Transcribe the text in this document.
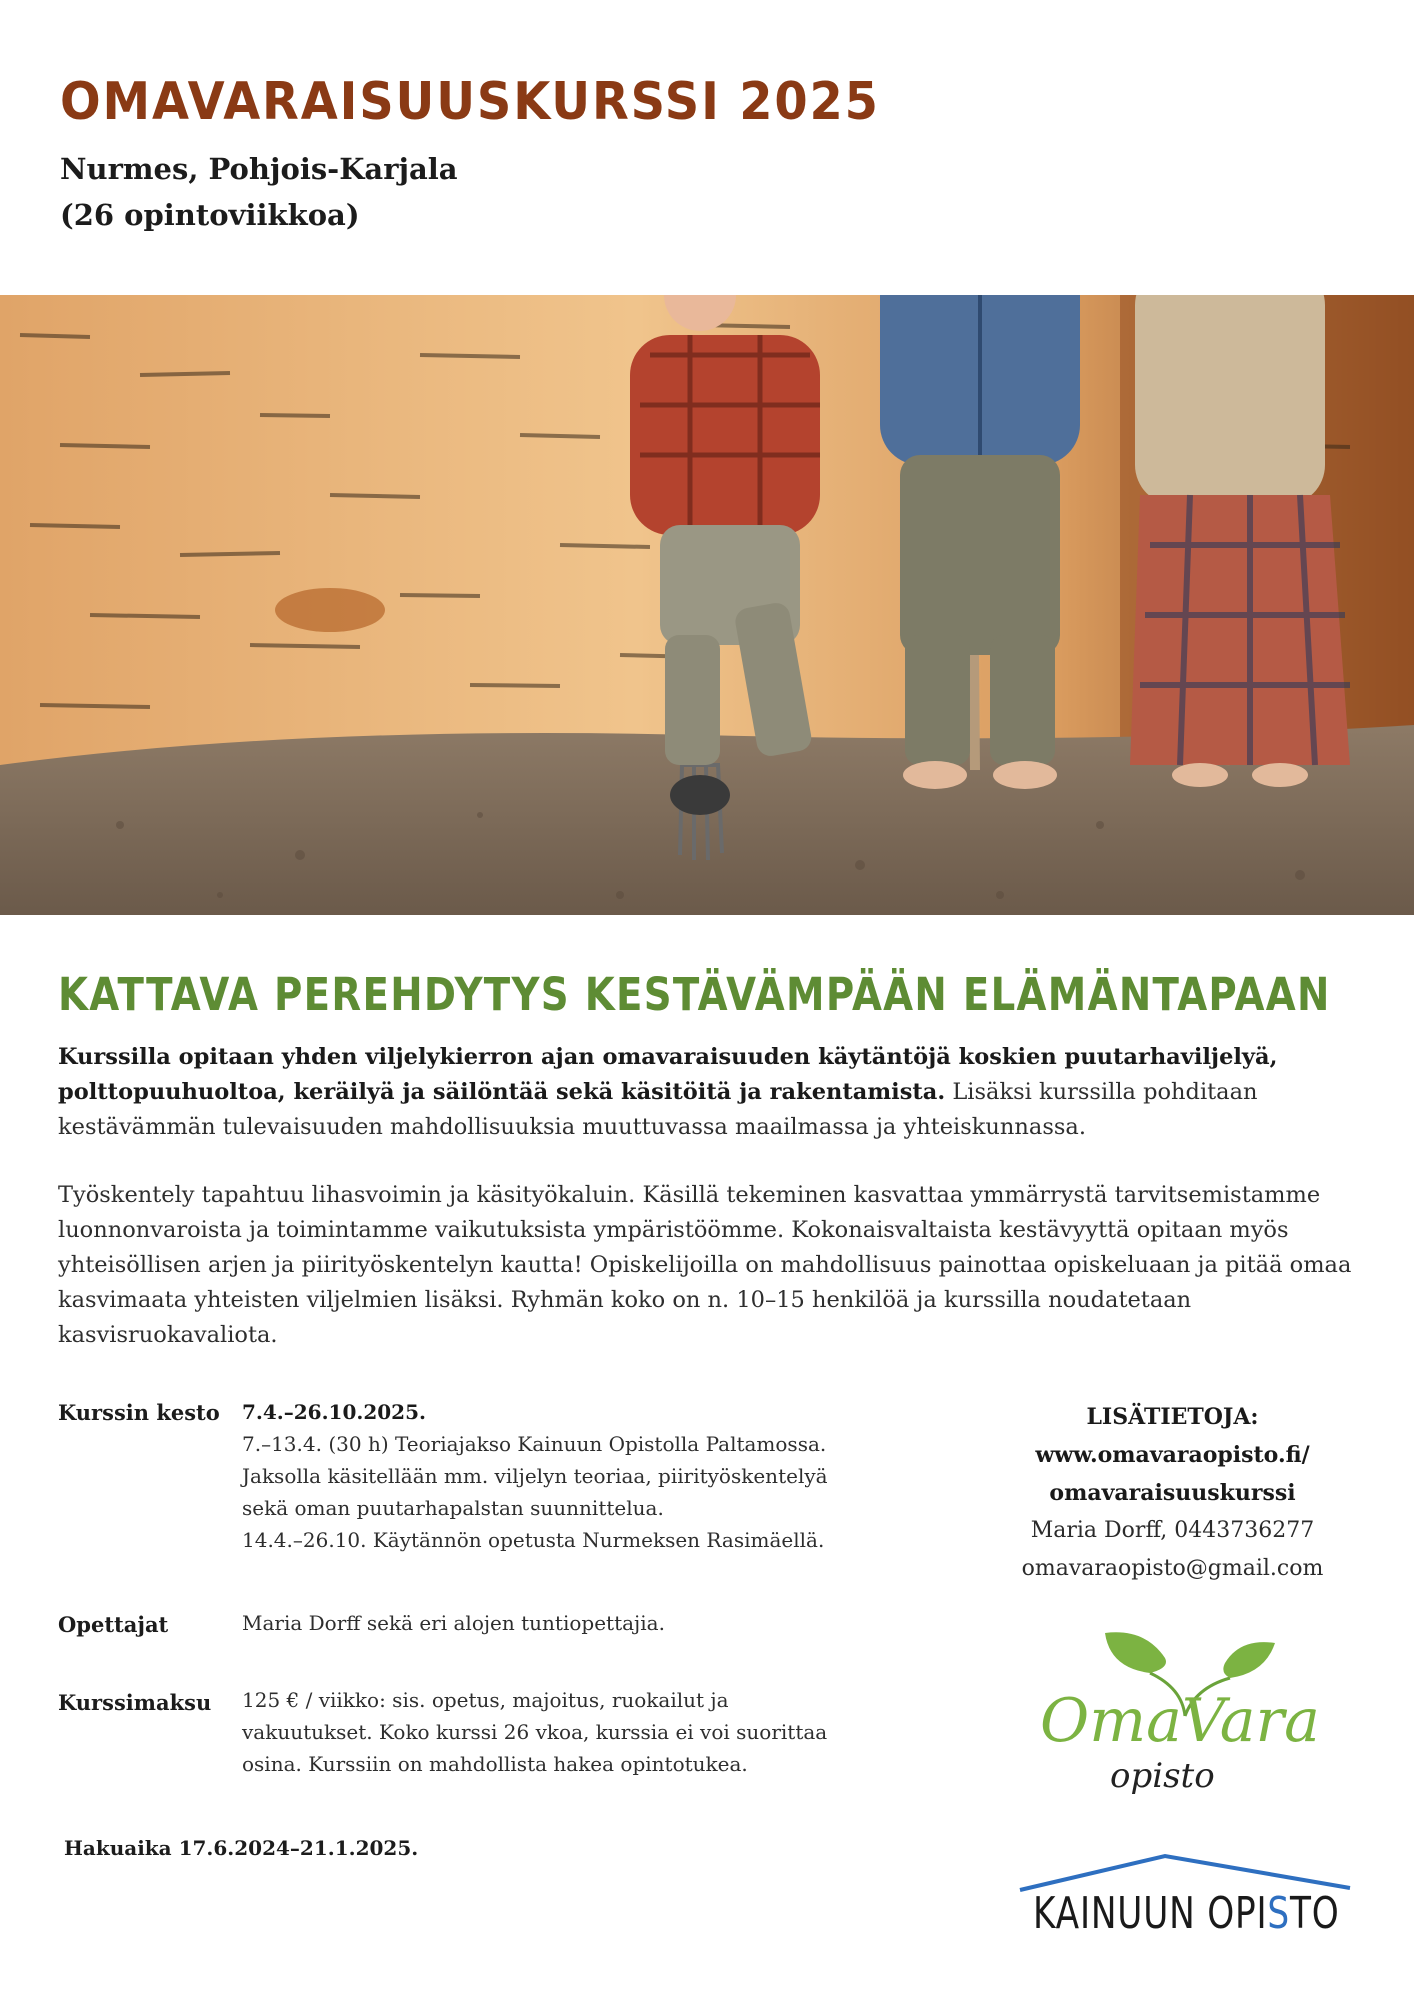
OMAVARAISUUSKURSSI 2025
Nurmes, Pohjois-Karjala
(26 opintoviikkoa)
KATTAVA PEREHDYTYS KESTÄVÄMPÄÄN ELÄMÄNTAPAAN
Kurssilla opitaan yhden viljelykierron ajan omavaraisuuden käytäntöjä koskien puutarhaviljelyä, polttopuuhuoltoa, keräilyä ja säilöntää sekä käsitöitä ja rakentamista. Lisäksi kurssilla pohditaan kestävämmän tulevaisuuden mahdollisuuksia muuttuvassa maailmassa ja yhteiskunnassa.
Työskentely tapahtuu lihasvoimin ja käsityökaluin. Käsillä tekeminen kasvattaa ymmärrystä tarvitsemistamme luonnonvaroista ja toimintamme vaikutuksista ympäristöömme. Kokonaisvaltaista kestävyyttä opitaan myös yhteisöllisen arjen ja piirityöskentelyn kautta! Opiskelijoilla on mahdollisuus painottaa opiskeluaan ja pitää omaa kasvimaata yhteisten viljelmien lisäksi. Ryhmän koko on n. 10–15 henkilöä ja kurssilla noudatetaan kasvisruokavaliota.
Kurssin kesto 7.4.–26.10.2025.
7.–13.4. (30 h) Teoriajakso Kainuun Opistolla Paltamossa.
Jaksolla käsitellään mm. viljelyn teoriaa, piirityöskentelyä
sekä oman puutarhapalstan suunnittelua.
14.4.–26.10. Käytännön opetusta Nurmeksen Rasimäellä.
Opettajat	Maria Dorff sekä eri alojen tuntiopettajia.
Kurssimaksu 125 € / viikko: sis. opetus, majoitus, ruokailut ja
vakuutukset. Koko kurssi 26 vkoa, kurssia ei voi suorittaa
osina. Kurssiin on mahdollista hakea opintotukea.
Hakuaika 17.6.2024–21.1.2025.
LISÄTIETOJA:
www.omavaraopisto.fi/
omavaraisuuskurssi
Maria Dorff, 0443736277
omavaraopisto@gmail.com
OmaVara
opisto
KAINUUN OPISTO
